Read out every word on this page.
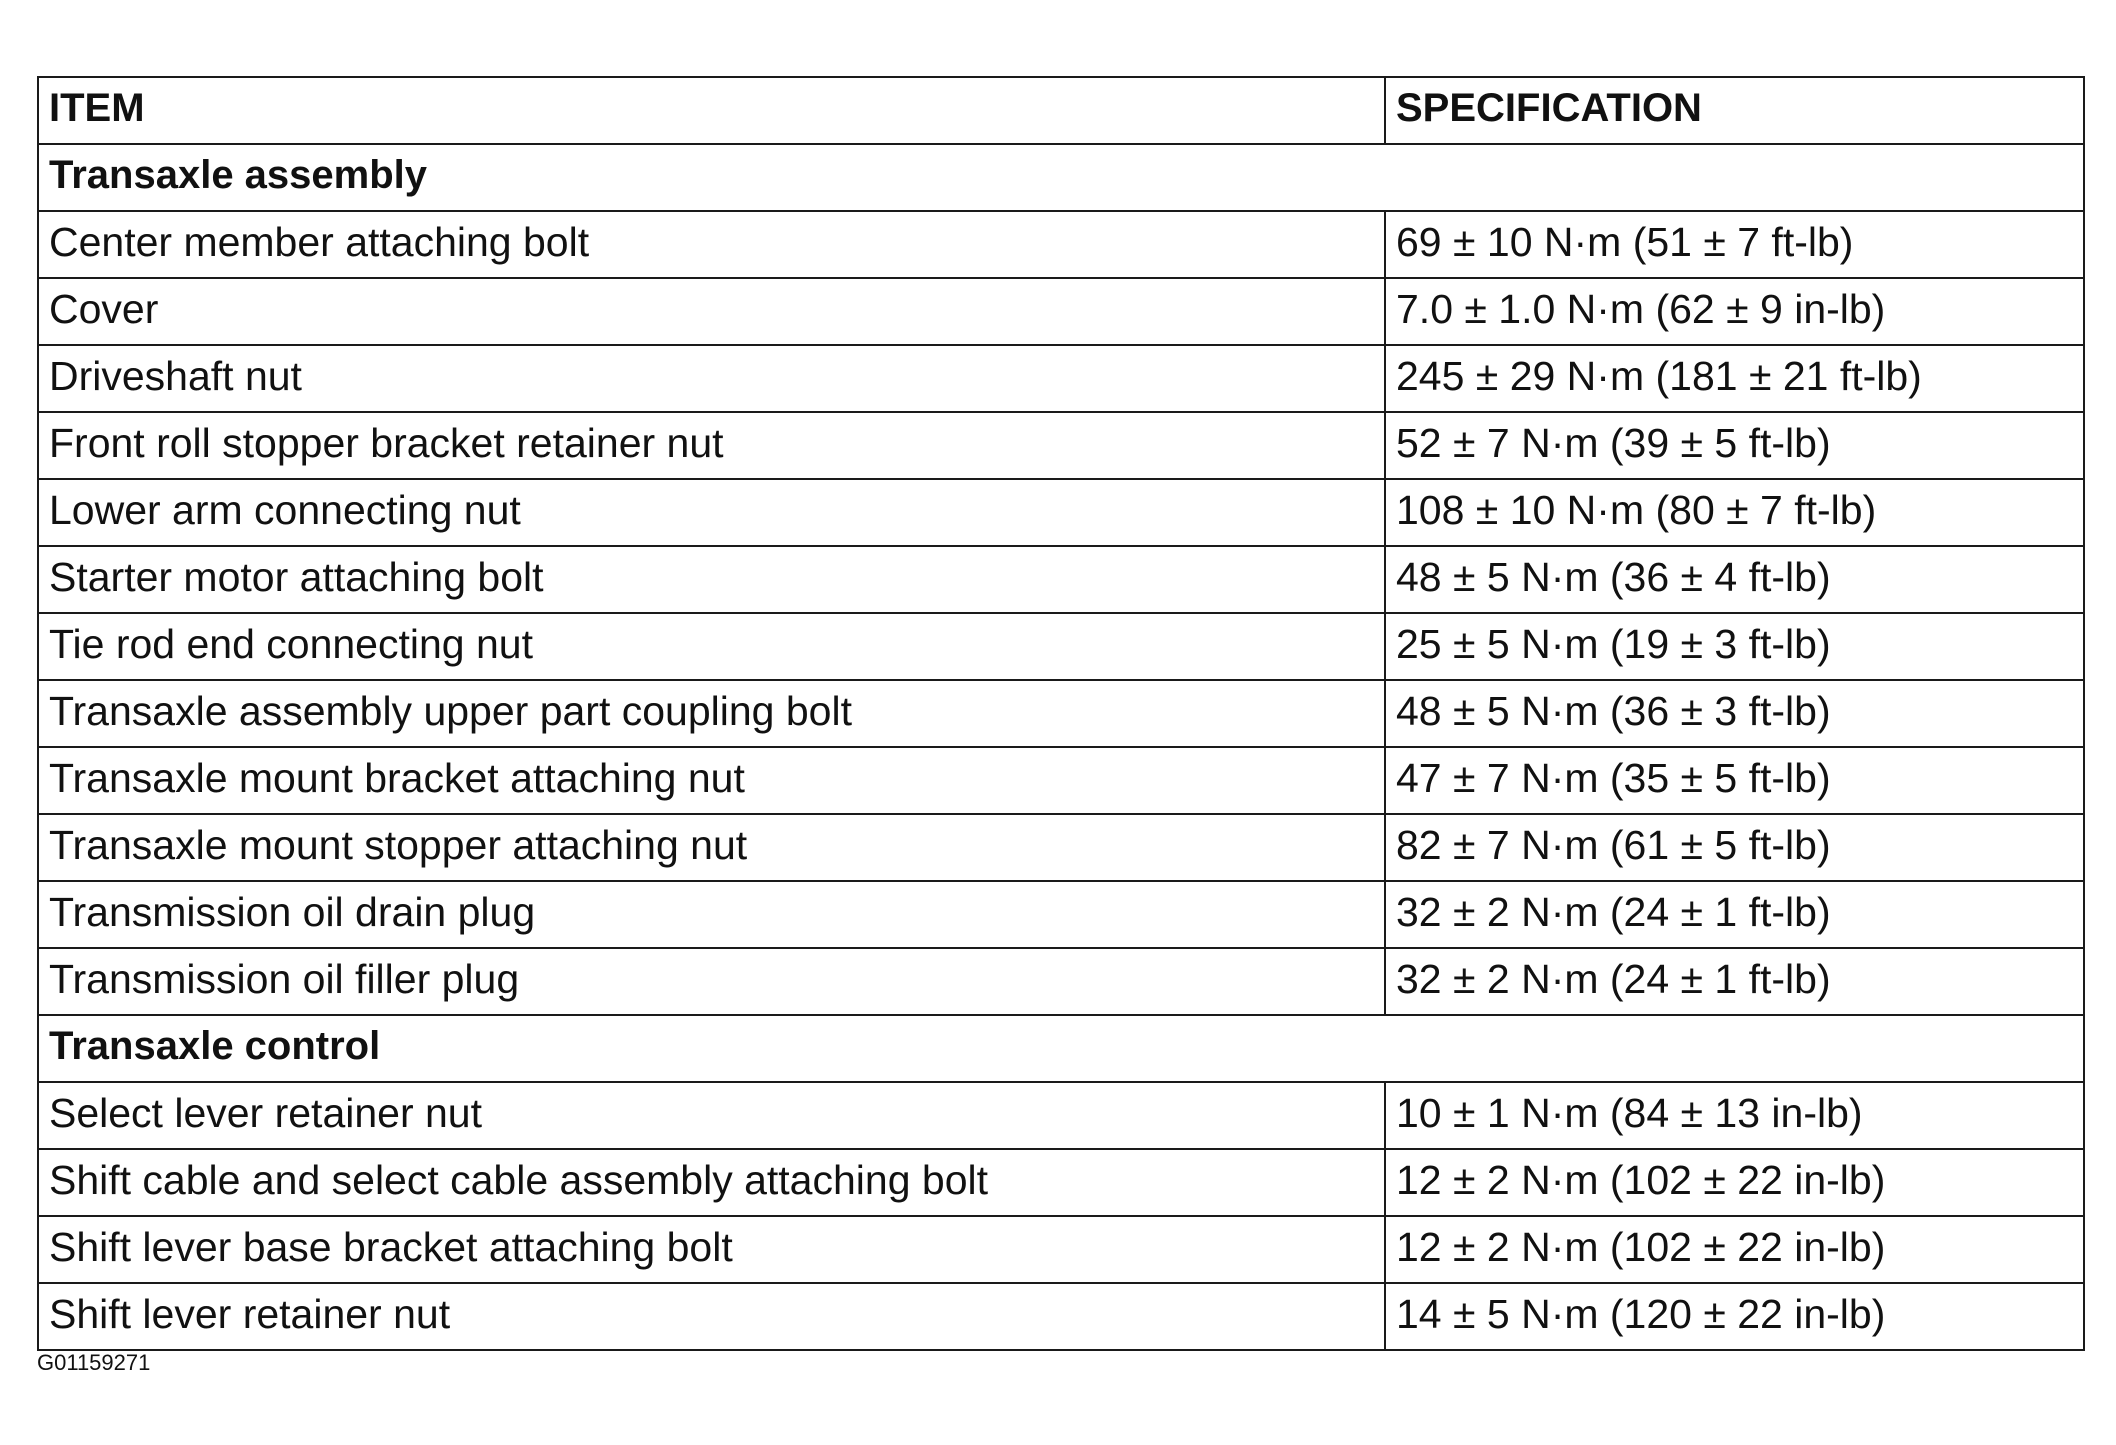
ITEM	SPECIFICATION
Transaxle assembly	
Center member attaching bolt	69 ± 10 N·m (51 ± 7 ft-lb)
Cover	7.0 ± 1.0 N·m (62 ± 9 in-lb)
Driveshaft nut	245 ± 29 N·m (181 ± 21 ft-lb)
Front roll stopper bracket retainer nut	52 ± 7 N·m (39 ± 5 ft-lb)
Lower arm connecting nut	108 ± 10 N·m (80 ± 7 ft-lb)
Starter motor attaching bolt	48 ± 5 N·m (36 ± 4 ft-lb)
Tie rod end connecting nut	25 ± 5 N·m (19 ± 3 ft-lb)
Transaxle assembly upper part coupling bolt	48 ± 5 N·m (36 ± 3 ft-lb)
Transaxle mount bracket attaching nut	47 ± 7 N·m (35 ± 5 ft-lb)
Transaxle mount stopper attaching nut	82 ± 7 N·m (61 ± 5 ft-lb)
Transmission oil drain plug	32 ± 2 N·m (24 ± 1 ft-lb)
Transmission oil filler plug	32 ± 2 N·m (24 ± 1 ft-lb)
Transaxle control	
Select lever retainer nut	10 ± 1 N·m (84 ± 13 in-lb)
Shift cable and select cable assembly attaching bolt	12 ± 2 N·m (102 ± 22 in-lb)
Shift lever base bracket attaching bolt	12 ± 2 N·m (102 ± 22 in-lb)
Shift lever retainer nut	14 ± 5 N·m (120 ± 22 in-lb)
G01159271
